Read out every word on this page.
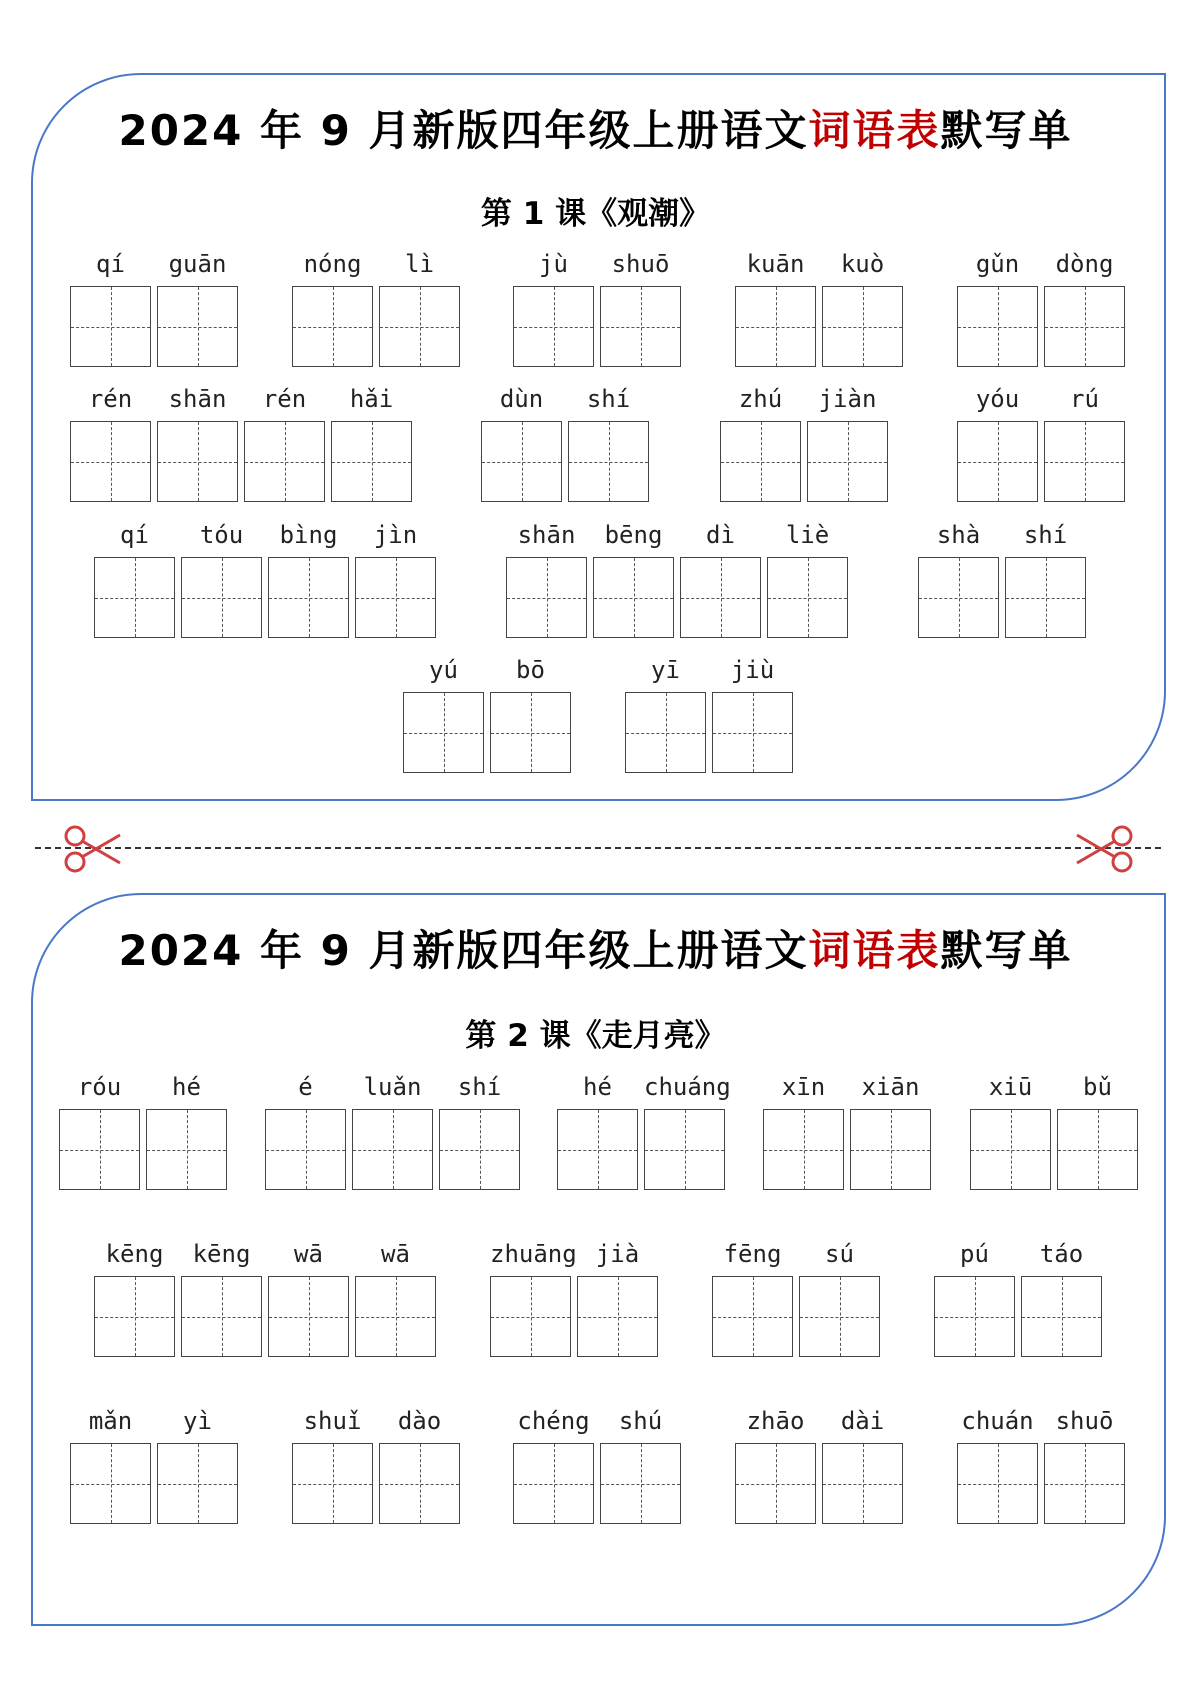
2024 年 9 月新版四年级上册语文词语表默写单
第 1 课《观潮》
qí	guān	nóng	lì	jù	shuō	kuān	kuò	gǔn	dòng
rén	shān	rén	hǎi	dùn	shí	zhú	jiàn	yóu	rú
qí	tóu	bìng	jìn	shān	bēng	dì	liè	shà	shí
yú	bō	yī	jiù
2024 年 9 月新版四年级上册语文词语表默写单
第 2 课《走月亮》
róu	hé	é	luǎn	shí	hé	chuáng	xīn	xiān	xiū	bǔ
kēng	kēng	wā	wā	zhuāng jià	fēng	sú	pú	táo
mǎn	yì	shuǐ	dào	chéng	shú	zhāo	dài	chuán shuō
